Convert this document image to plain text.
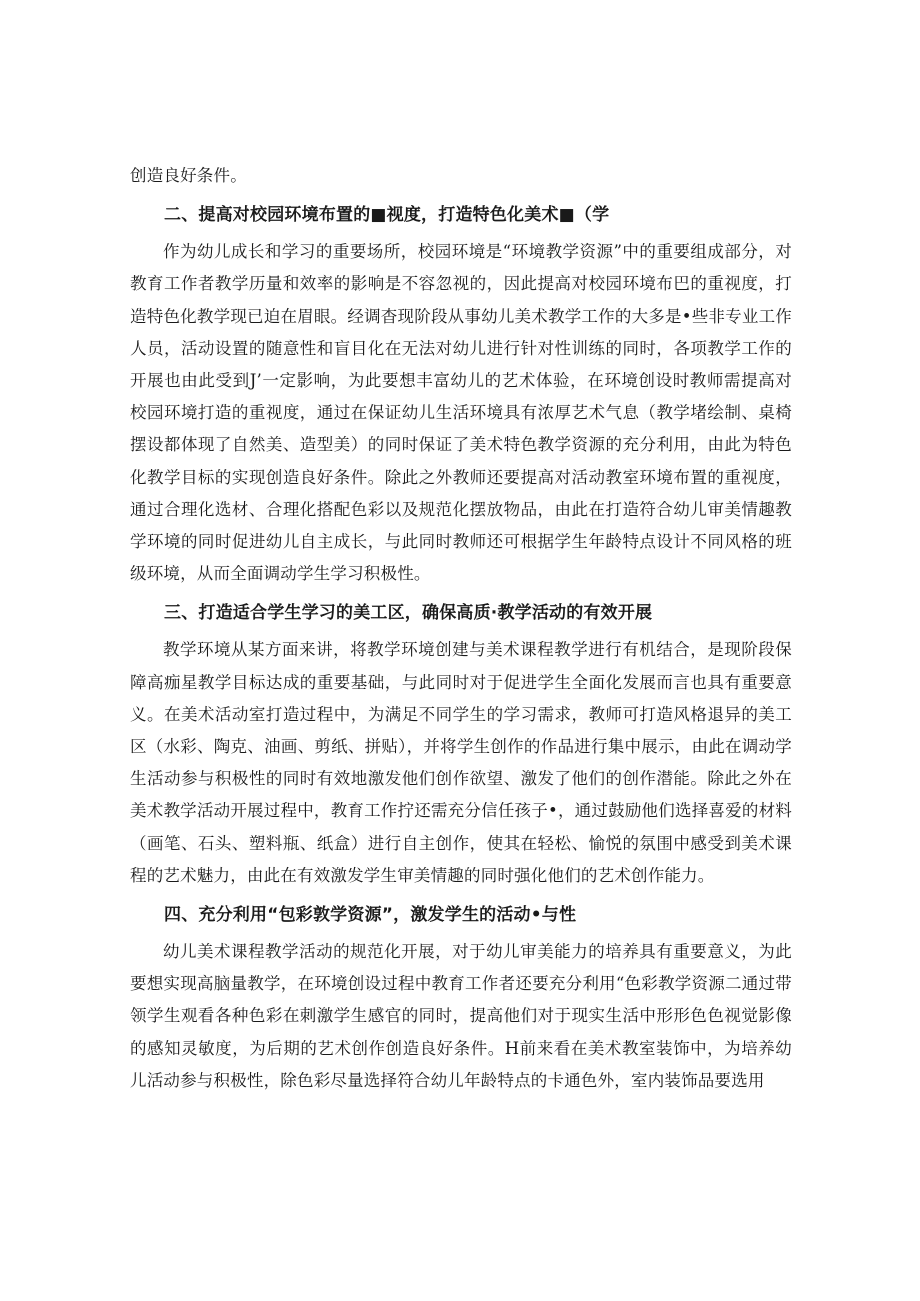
创造良好条件。

二、提高对校园环境布置的■视度，打造特色化美术■（学

作为幼儿成长和学习的重要场所，校园环境是“环境教学资源”中的重要组成部分，对教育工作者教学历量和效率的影响是不容忽视的，因此提高对校园环境布巴的重视度，打造特色化教学现已迫在眉眼。经调杳现阶段从事幼儿美术教学工作的大多是•些非专业工作人员，活动设置的随意性和盲目化在无法对幼儿进行针对性训练的同时，各项教学工作的开展也由此受到J’一定影响，为此要想丰富幼儿的艺术体验，在环境创设时教师需提高对校园环境打造的重视度，通过在保证幼儿生活环境具有浓厚艺术气息（教学堵绘制、桌椅摆设都体现了自然美、造型美）的同时保证了美术特色教学资源的充分利用，由此为特色化教学目标的实现创造良好条件。除此之外教师还要提高对活动教室环境布置的重视度，通过合理化选材、合理化搭配色彩以及规范化摆放物品，由此在打造符合幼儿审美情趣教学环境的同时促进幼儿自主成长，与此同时教师还可根据学生年龄特点设计不同风格的班级环境，从而全面调动学生学习积极性。

三、打造适合学生学习的美工区，确保高质·教学活动的有效开展

教学环境从某方面来讲，将教学环境创建与美术课程教学进行有机结合，是现阶段保障高痂星教学目标达成的重要基础，与此同时对于促进学生全面化发展而言也具有重要意义。在美术活动室打造过程中，为满足不同学生的学习需求，教师可打造风格退异的美工区（水彩、陶克、油画、剪纸、拼贴），并将学生创作的作品进行集中展示，由此在调动学生活动参与积极性的同时有效地激发他们创作欲望、激发了他们的创作潜能。除此之外在美术教学活动开展过程中，教育工作拧还需充分信任孩子•，通过鼓励他们选择喜爱的材料（画笔、石头、塑料瓶、纸盒）进行自主创作，使其在轻松、愉悦的氛围中感受到美术课程的艺术魅力，由此在有效激发学生审美情趣的同时强化他们的艺术创作能力。

四、充分利用“包彩敦学资源”，激发学生的活动•与性

幼儿美术课程教学活动的规范化开展，对于幼儿审美能力的培养具有重要意义，为此要想实现高脑量教学，在环境创设过程中教育工作者还要充分利用“色彩教学资源二通过带领学生观看各种色彩在刺激学生感官的同时，提高他们对于现实生活中形形色色视觉影像的感知灵敏度，为后期的艺术创作创造良好条件。H前来看在美术教室装饰中，为培养幼儿活动参与积极性，除色彩尽量选择符合幼儿年龄特点的卡通色外，室内装饰品要选用
